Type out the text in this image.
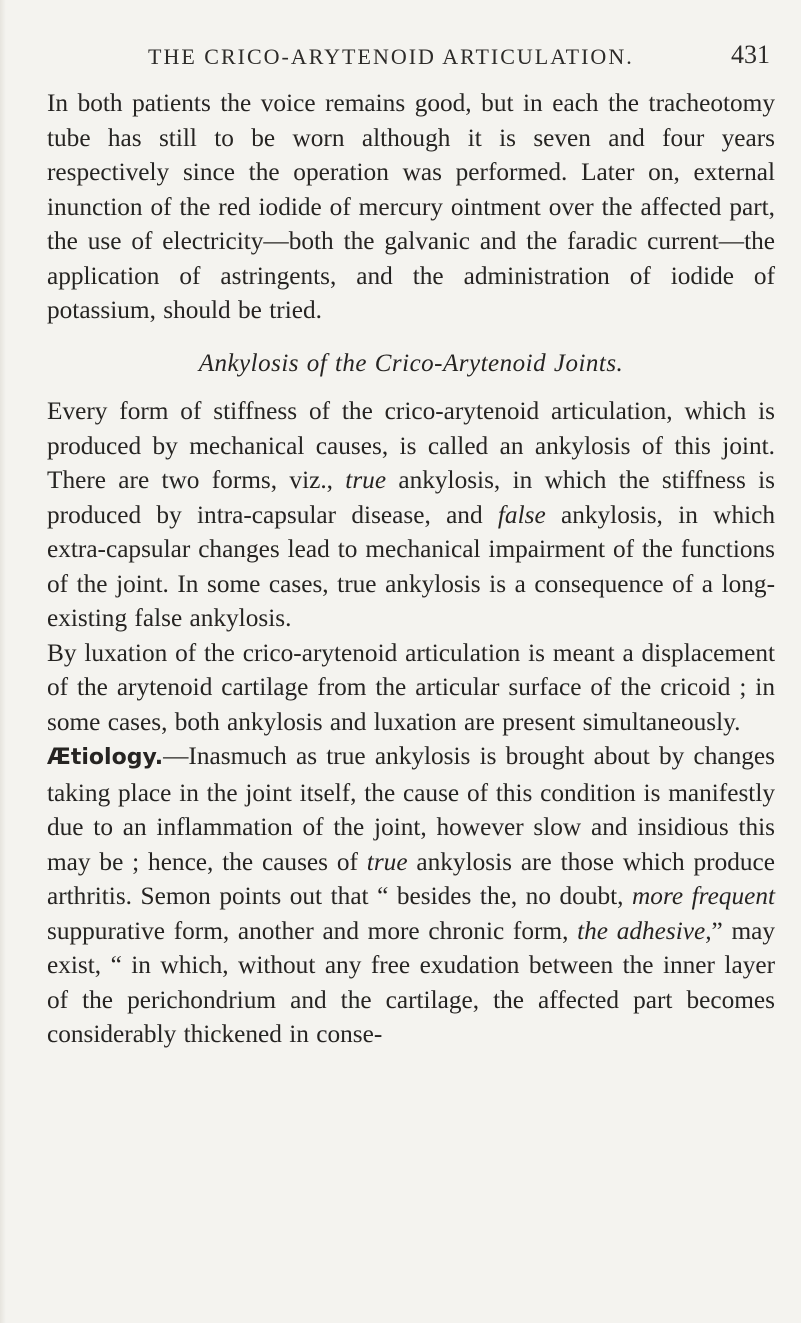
THE CRICO-ARYTENOID ARTICULATION.	431

In both patients the voice remains good, but in each the tracheotomy tube has still to be worn although it is seven and four years respectively since the operation was performed. Later on, external inunction of the red iodide of mercury ointment over the affected part, the use of electricity—both the galvanic and the faradic current—the application of astringents, and the administration of iodide of potassium, should be tried.

Ankylosis of the Crico-Arytenoid Joints.

Every form of stiffness of the crico-arytenoid articulation, which is produced by mechanical causes, is called an ankylosis of this joint. There are two forms, viz., true ankylosis, in which the stiffness is produced by intra-capsular disease, and false ankylosis, in which extra-capsular changes lead to mechanical impairment of the functions of the joint. In some cases, true ankylosis is a consequence of a long-existing false ankylosis.

By luxation of the crico-arytenoid articulation is meant a displacement of the arytenoid cartilage from the articular surface of the cricoid ; in some cases, both ankylosis and luxation are present simultaneously.

Ætiology.—Inasmuch as true ankylosis is brought about by changes taking place in the joint itself, the cause of this condition is manifestly due to an inflammation of the joint, however slow and insidious this may be ; hence, the causes of true ankylosis are those which produce arthritis. Semon points out that “ besides the, no doubt, more frequent suppurative form, another and more chronic form, the adhesive,” may exist, “ in which, without any free exudation between the inner layer of the perichondrium and the cartilage, the affected part becomes considerably thickened in conse-
